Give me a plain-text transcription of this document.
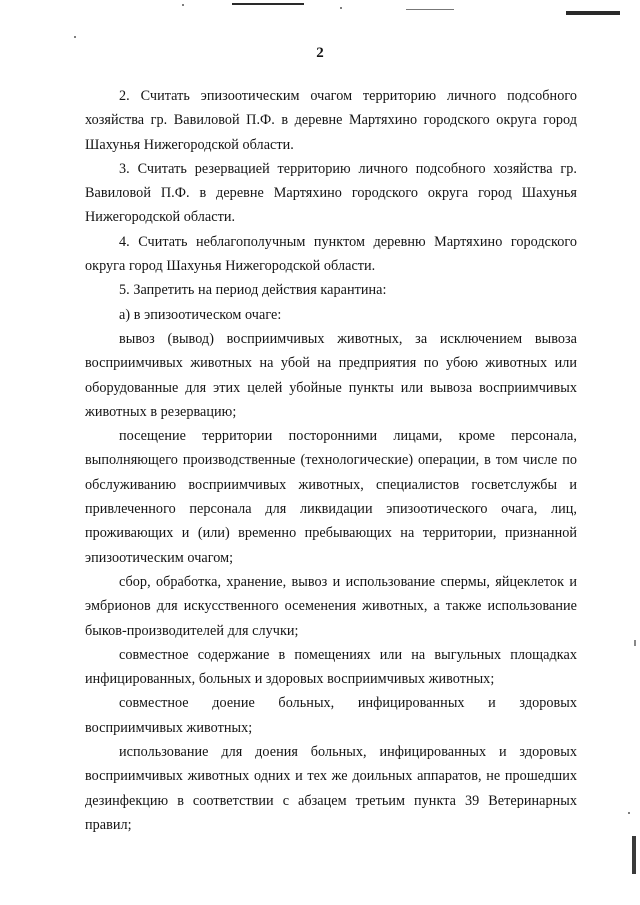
2

2. Считать эпизоотическим очагом территорию личного подсобного хозяйства гр. Вавиловой П.Ф. в деревне Мартяхино городского округа город Шахунья Нижегородской области.

3. Считать резервацией территорию личного подсобного хозяйства гр. Вавиловой П.Ф. в деревне Мартяхино городского округа город Шахунья Нижегородской области.

4. Считать неблагополучным пунктом деревню Мартяхино городского округа город Шахунья Нижегородской области.

5. Запретить на период действия карантина:

а) в эпизоотическом очаге:

вывоз (вывод) восприимчивых животных, за исключением вывоза восприимчивых животных на убой на предприятия по убою животных или оборудованные для этих целей убойные пункты или вывоза восприимчивых животных в резервацию;

посещение территории посторонними лицами, кроме персонала, выполняющего производственные (технологические) операции, в том числе по обслуживанию восприимчивых животных, специалистов госветслужбы и привлеченного персонала для ликвидации эпизоотического очага, лиц, проживающих и (или) временно пребывающих на территории, признанной эпизоотическим очагом;

сбор, обработка, хранение, вывоз и использование спермы, яйцеклеток и эмбрионов для искусственного осеменения животных, а также использование быков-производителей для случки;

совместное содержание в помещениях или на выгульных площадках инфицированных, больных и здоровых восприимчивых животных;

совместное доение больных, инфицированных и здоровых восприимчивых животных;

использование для доения больных, инфицированных и здоровых восприимчивых животных одних и тех же доильных аппаратов, не прошедших дезинфекцию в соответствии с абзацем третьим пункта 39 Ветеринарных правил;
